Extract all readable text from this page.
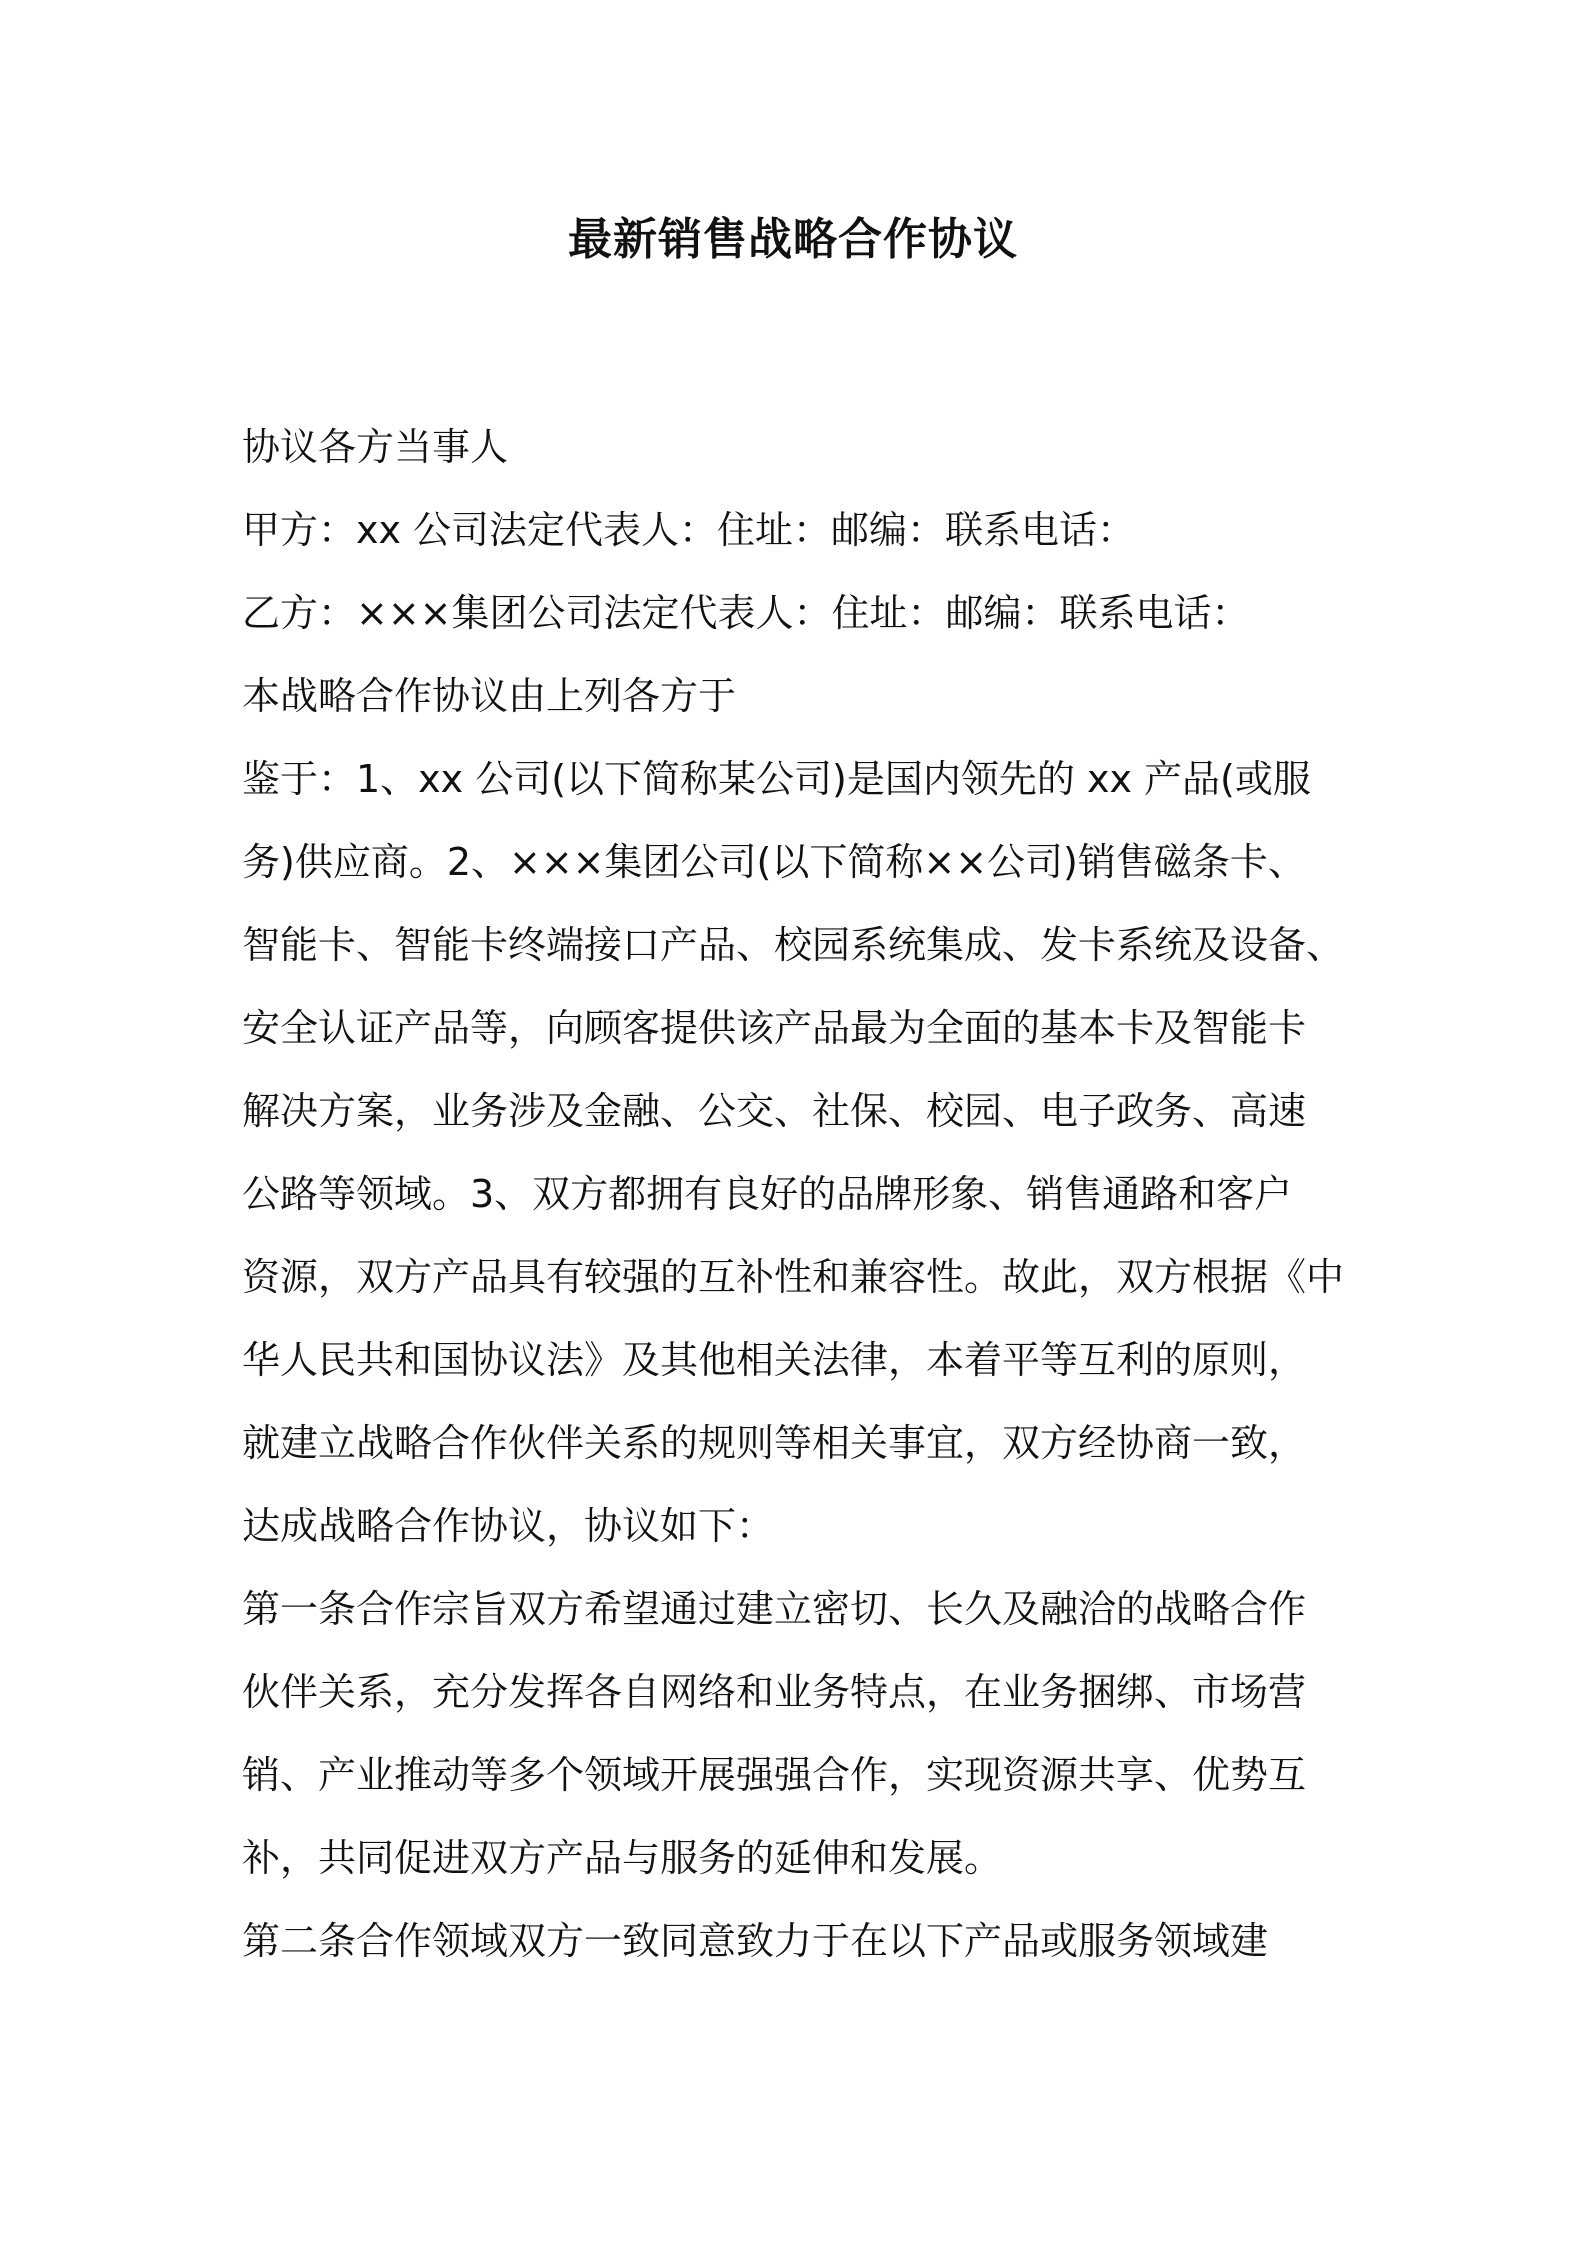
最新销售战略合作协议
协议各方当事人
甲方：xx 公司法定代表人：住址：邮编：联系电话：
乙方：×××集团公司法定代表人：住址：邮编：联系电话：
本战略合作协议由上列各方于
鉴于：1、xx 公司(以下简称某公司)是国内领先的 xx 产品(或服
务)供应商。2、×××集团公司(以下简称××公司)销售磁条卡、
智能卡、智能卡终端接口产品、校园系统集成、发卡系统及设备、
安全认证产品等，向顾客提供该产品最为全面的基本卡及智能卡
解决方案，业务涉及金融、公交、社保、校园、电子政务、高速
公路等领域。3、双方都拥有良好的品牌形象、销售通路和客户
资源，双方产品具有较强的互补性和兼容性。故此，双方根据《中
华人民共和国协议法》及其他相关法律，本着平等互利的原则，
就建立战略合作伙伴关系的规则等相关事宜，双方经协商一致，
达成战略合作协议，协议如下：
第一条合作宗旨双方希望通过建立密切、长久及融洽的战略合作
伙伴关系，充分发挥各自网络和业务特点，在业务捆绑、市场营
销、产业推动等多个领域开展强强合作，实现资源共享、优势互
补，共同促进双方产品与服务的延伸和发展。
第二条合作领域双方一致同意致力于在以下产品或服务领域建
